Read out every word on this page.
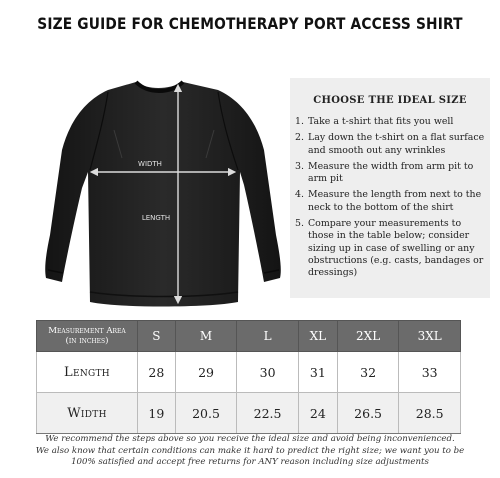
SIZE GUIDE FOR CHEMOTHERAPY PORT ACCESS SHIRT
WIDTH
LENGTH
CHOOSE THE IDEAL SIZE
1. Take a t-shirt that fits you well
2. Lay down the t-shirt on a flat surface and smooth out any wrinkles
3. Measure the width from arm pit to arm pit
4. Measure the length from next to the neck to the bottom of the shirt
5. Compare your measurements to those in the table below; consider sizing up in case of swelling or any obstructions (e.g. casts, bandages or dressings)
Measurement Area
(in inches)	S	M	L	XL	2XL	3XL
Length	28	29	30	31	32	33
Width	19	20.5	22.5	24	26.5	28.5
We recommend the steps above so you receive the ideal size and avoid being inconvenienced.
We also know that certain conditions can make it hard to predict the right size; we want you to be
100% satisfied and accept free returns for ANY reason including size adjustments
